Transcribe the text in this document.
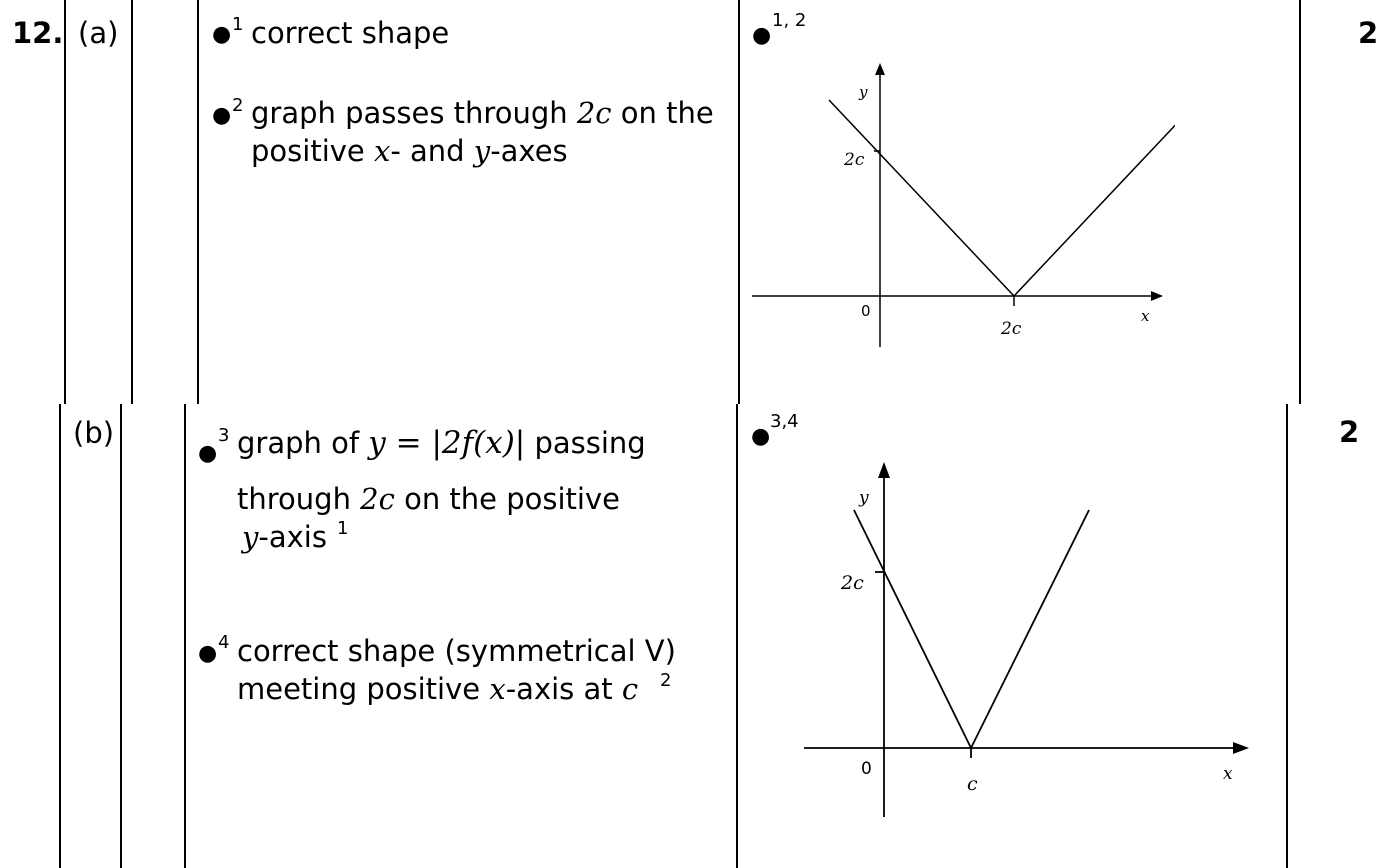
12. (a)	2
● 1 correct shape
● 2 graph passes through 2c on the
positive x- and y-axes
●
1, 2
y
x
0
2c
2c
(b)	2
●
3 graph of y = |2f(x)| passing
through 2c on the positive
y-axis 1
● 4 correct shape (symmetrical V)
meeting positive x-axis at c 2
●
3,4
y
x
0
c
2c
